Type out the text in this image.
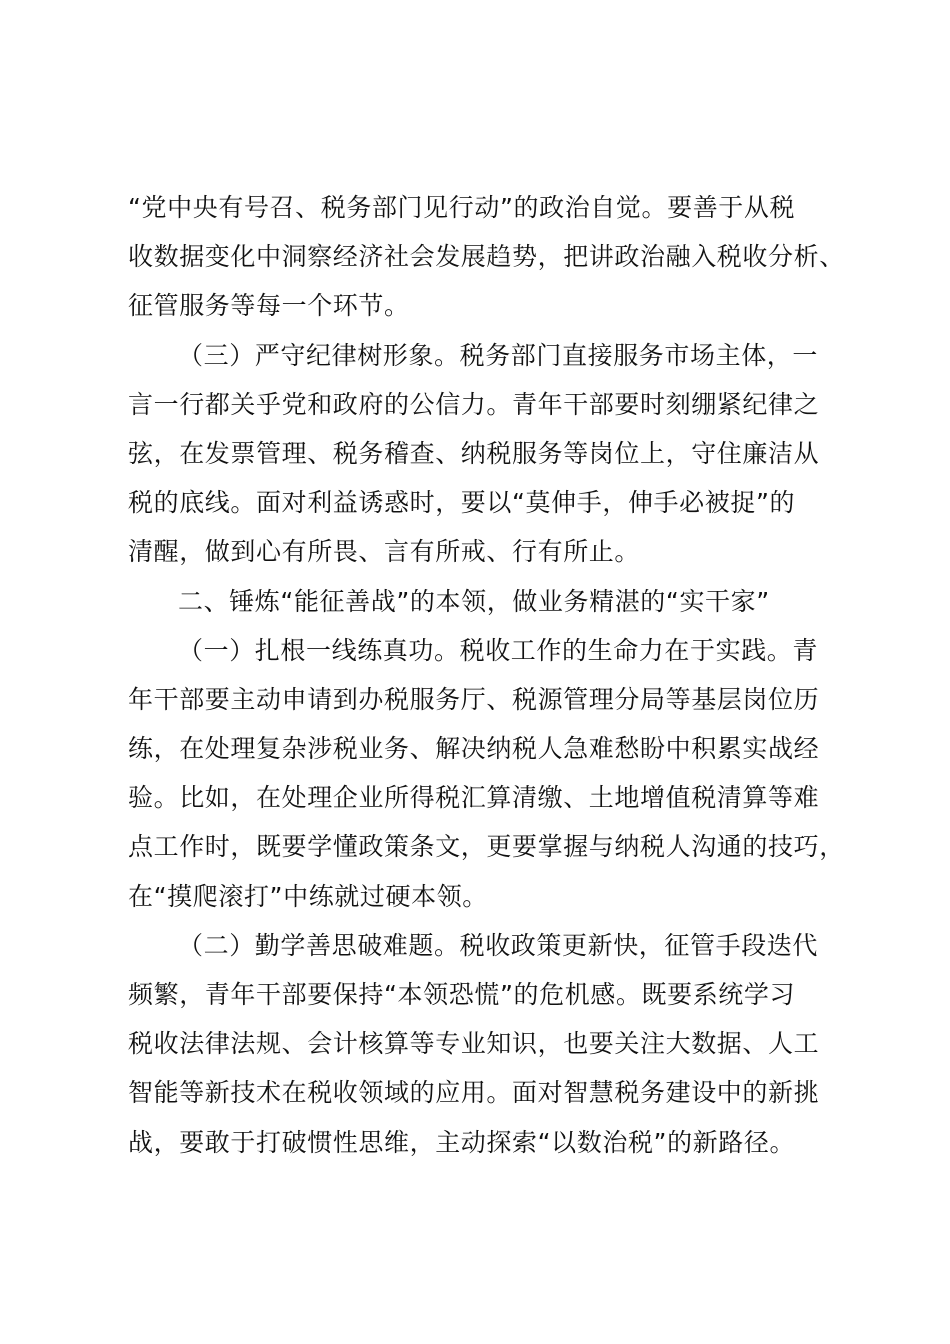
“党中央有号召、税务部门见行动”的政治自觉。要善于从税
收数据变化中洞察经济社会发展趋势，把讲政治融入税收分析、
征管服务等每一个环节。
（三）严守纪律树形象。税务部门直接服务市场主体，一
言一行都关乎党和政府的公信力。青年干部要时刻绷紧纪律之
弦，在发票管理、税务稽查、纳税服务等岗位上，守住廉洁从
税的底线。面对利益诱惑时，要以“莫伸手，伸手必被捉”的
清醒，做到心有所畏、言有所戒、行有所止。
二、锤炼“能征善战”的本领，做业务精湛的“实干家”
（一）扎根一线练真功。税收工作的生命力在于实践。青
年干部要主动申请到办税服务厅、税源管理分局等基层岗位历
练，在处理复杂涉税业务、解决纳税人急难愁盼中积累实战经
验。比如，在处理企业所得税汇算清缴、土地增值税清算等难
点工作时，既要学懂政策条文，更要掌握与纳税人沟通的技巧，
在“摸爬滚打”中练就过硬本领。
（二）勤学善思破难题。税收政策更新快，征管手段迭代
频繁，青年干部要保持“本领恐慌”的危机感。既要系统学习
税收法律法规、会计核算等专业知识，也要关注大数据、人工
智能等新技术在税收领域的应用。面对智慧税务建设中的新挑
战，要敢于打破惯性思维，主动探索“以数治税”的新路径。
